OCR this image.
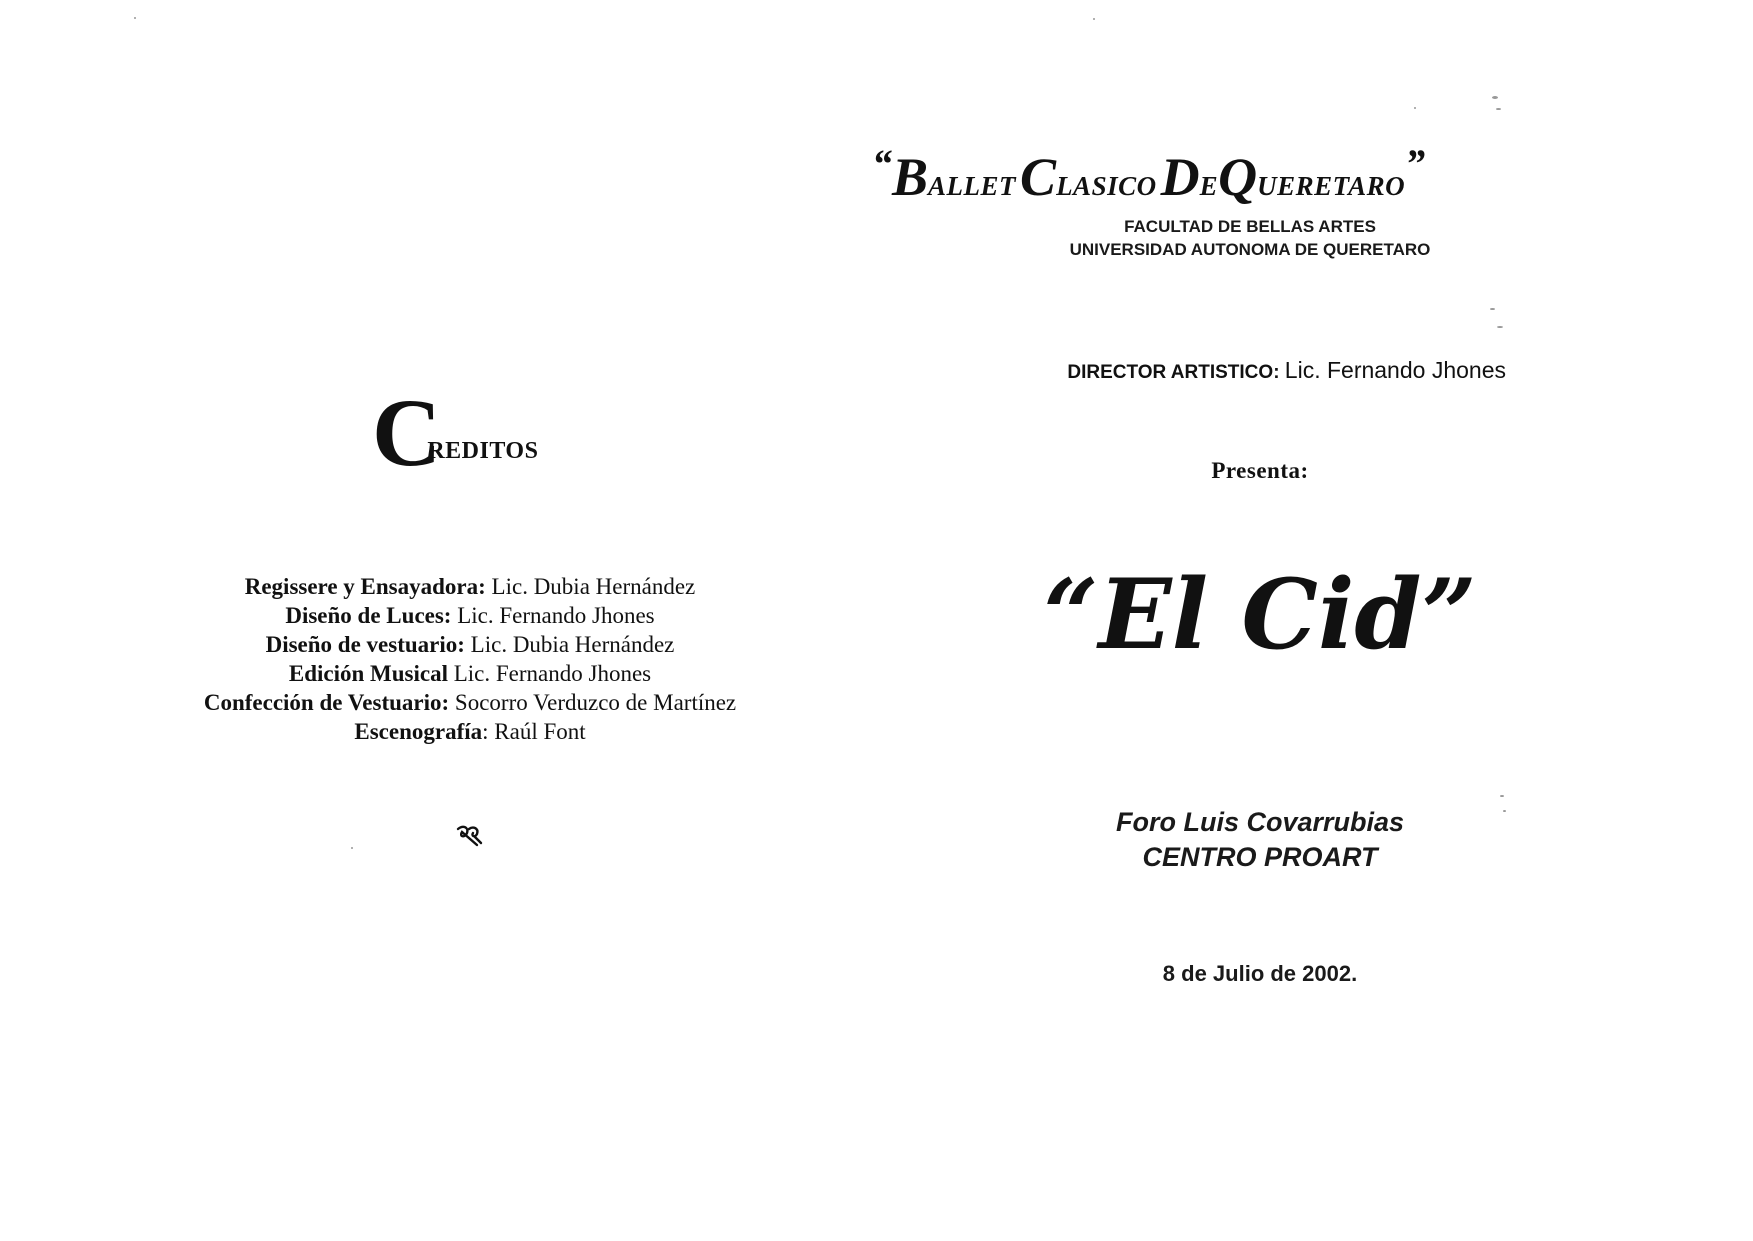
CREDITOS
Regissere y Ensayadora: Lic. Dubia Hernández
Diseño de Luces: Lic. Fernando Jhones
Diseño de vestuario: Lic. Dubia Hernández
Edición Musical Lic. Fernando Jhones
Confección de Vestuario: Socorro Verduzco de Martínez
Escenografía: Raúl Font
“BALLET CLASICO DEQUERETARO”
FACULTAD DE BELLAS ARTES
UNIVERSIDAD AUTONOMA DE QUERETARO
DIRECTOR ARTISTICO: Lic. Fernando Jhones
Presenta:
“El Cid”
Foro Luis Covarrubias
CENTRO PROART
8 de Julio de 2002.
